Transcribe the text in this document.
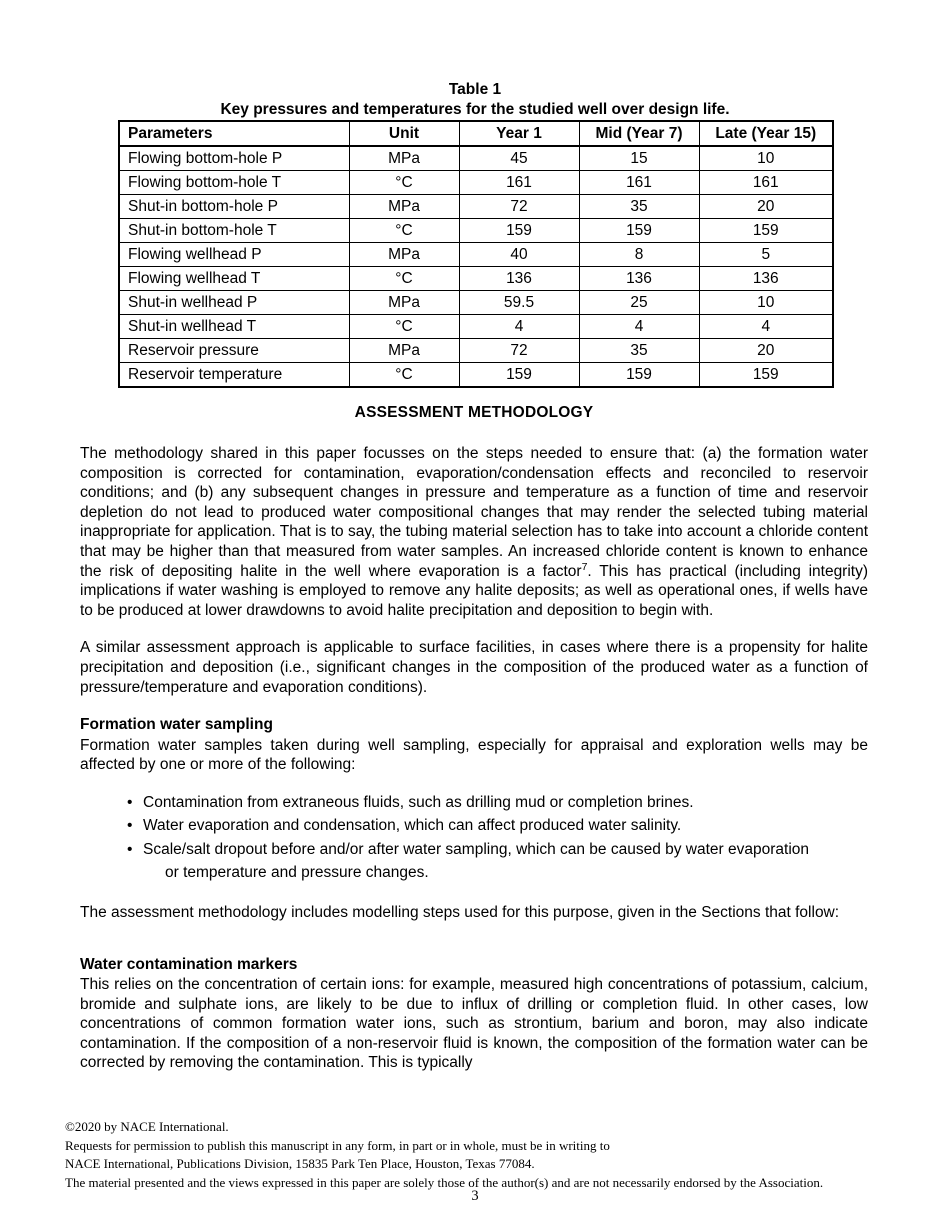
Table 1
Key pressures and temperatures for the studied well over design life.
Parameters	Unit	Year 1	Mid (Year 7)	Late (Year 15)
Flowing bottom-hole P	MPa	45	15	10
Flowing bottom-hole T	°C	161	161	161
Shut-in bottom-hole P	MPa	72	35	20
Shut-in bottom-hole T	°C	159	159	159
Flowing wellhead P	MPa	40	8	5
Flowing wellhead T	°C	136	136	136
Shut-in wellhead P	MPa	59.5	25	10
Shut-in wellhead T	°C	4	4	4
Reservoir pressure	MPa	72	35	20
Reservoir temperature	°C	159	159	159
ASSESSMENT METHODOLOGY

The methodology shared in this paper focusses on the steps needed to ensure that: (a) the formation water composition is corrected for contamination, evaporation/condensation effects and reconciled to reservoir conditions; and (b) any subsequent changes in pressure and temperature as a function of time and reservoir depletion do not lead to produced water compositional changes that may render the selected tubing material inappropriate for application. That is to say, the tubing material selection has to take into account a chloride content that may be higher than that measured from water samples. An increased chloride content is known to enhance the risk of depositing halite in the well where evaporation is a factor$^7$. This has practical (including integrity) implications if water washing is employed to remove any halite deposits; as well as operational ones, if wells have to be produced at lower drawdowns to avoid halite precipitation and deposition to begin with.

A similar assessment approach is applicable to surface facilities, in cases where there is a propensity for halite precipitation and deposition (i.e., significant changes in the composition of the produced water as a function of pressure/temperature and evaporation conditions).

Formation water sampling

Formation water samples taken during well sampling, especially for appraisal and exploration wells may be affected by one or more of the following:

• Contamination from extraneous fluids, such as drilling mud or completion brines.
• Water evaporation and condensation, which can affect produced water salinity.
• Scale/salt dropout before and/or after water sampling, which can be caused by water evaporation
or temperature and pressure changes.

The assessment methodology includes modelling steps used for this purpose, given in the Sections that follow:

Water contamination markers

This relies on the concentration of certain ions: for example, measured high concentrations of potassium, calcium, bromide and sulphate ions, are likely to be due to influx of drilling or completion fluid. In other cases, low concentrations of common formation water ions, such as strontium, barium and boron, may also indicate contamination. If the composition of a non-reservoir fluid is known, the composition of the formation water can be corrected by removing the contamination. This is typically

©2020 by NACE International.
Requests for permission to publish this manuscript in any form, in part or in whole, must be in writing to
NACE International, Publications Division, 15835 Park Ten Place, Houston, Texas 77084.
The material presented and the views expressed in this paper are solely those of the author(s) and are not necessarily endorsed by the Association.
3
